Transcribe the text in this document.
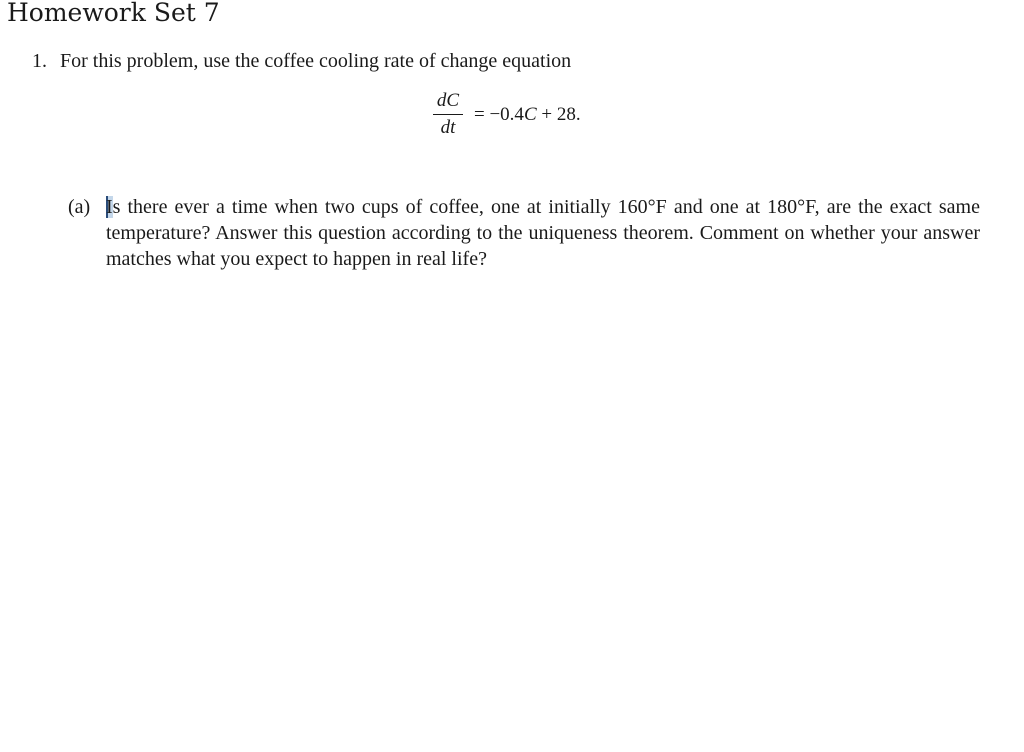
Homework Set 7
1. For this problem, use the coffee cooling rate of change equation
$\frac{dC}{dt} = -0.4C + 28$.
(a) Is there ever a time when two cups of coffee, one at initially 160°F and one at 180°F, are the exact same temperature? Answer this question according to the uniqueness theorem. Comment on whether your answer matches what you expect to happen in real life?
